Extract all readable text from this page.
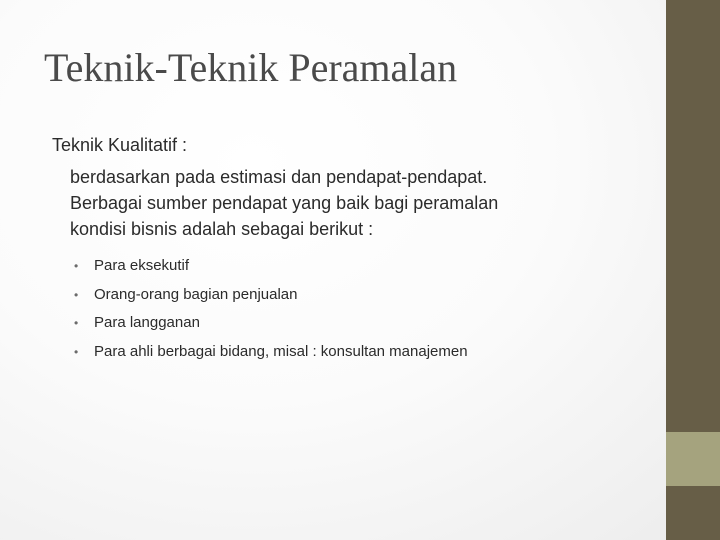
Teknik-Teknik Peramalan

Teknik Kualitatif :

berdasarkan pada estimasi dan pendapat-pendapat.
Berbagai sumber pendapat yang baik bagi peramalan
kondisi bisnis adalah sebagai berikut :
•	Para eksekutif
•	Orang-orang bagian penjualan
•	Para langganan
•	Para ahli berbagai bidang, misal : konsultan manajemen
